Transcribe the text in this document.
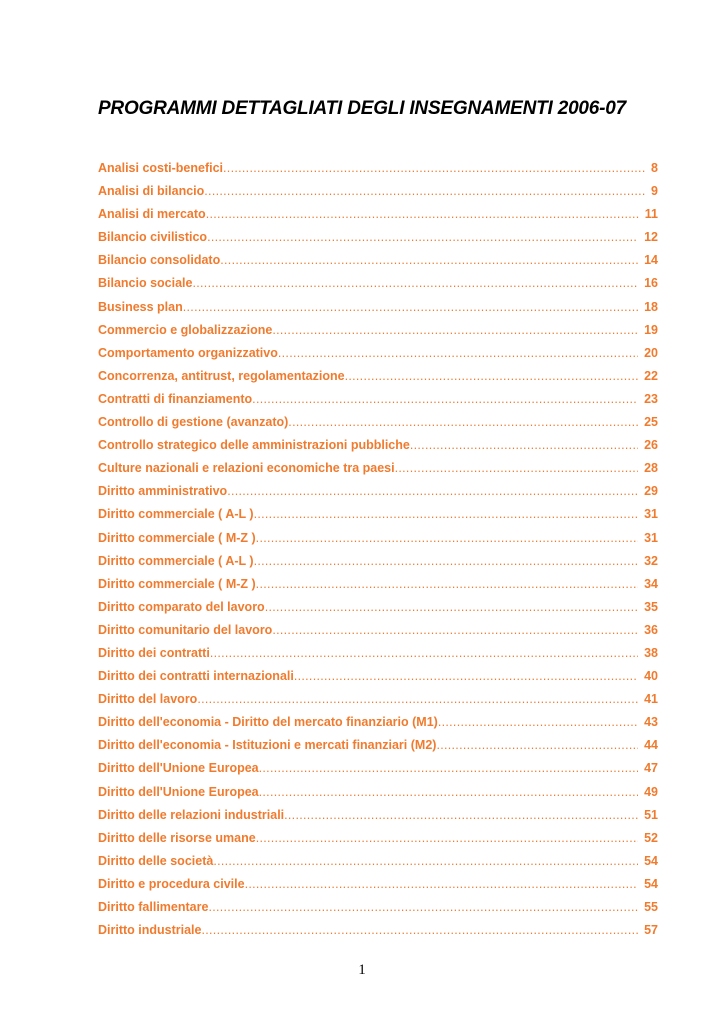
PROGRAMMI DETTAGLIATI DEGLI INSEGNAMENTI 2006-07
Analisi costi-benefici .....	8
Analisi di bilancio .....	9
Analisi di mercato .....	11
Bilancio civilistico .....	12
Bilancio consolidato .....	14
Bilancio sociale .....	16
Business plan .....	18
Commercio e globalizzazione .....	19
Comportamento organizzativo .....	20
Concorrenza, antitrust, regolamentazione .....	22
Contratti di finanziamento .....	23
Controllo di gestione (avanzato) .....	25
Controllo strategico delle amministrazioni pubbliche .....	26
Culture nazionali e relazioni economiche tra paesi .....	28
Diritto amministrativo .....	29
Diritto commerciale ( A-L ) .....	31
Diritto commerciale ( M-Z ) .....	31
Diritto commerciale ( A-L ) .....	32
Diritto commerciale ( M-Z ) .....	34
Diritto comparato del lavoro .....	35
Diritto comunitario del lavoro .....	36
Diritto dei contratti .....	38
Diritto dei contratti internazionali .....	40
Diritto del lavoro .....	41
Diritto dell'economia - Diritto del mercato finanziario (M1) .....	43
Diritto dell'economia - Istituzioni e mercati finanziari (M2) .....	44
Diritto dell'Unione Europea .....	47
Diritto dell'Unione Europea .....	49
Diritto delle relazioni industriali .....	51
Diritto delle risorse umane .....	52
Diritto delle società .....	54
Diritto e procedura civile .....	54
Diritto fallimentare .....	55
Diritto industriale .....	57
1
